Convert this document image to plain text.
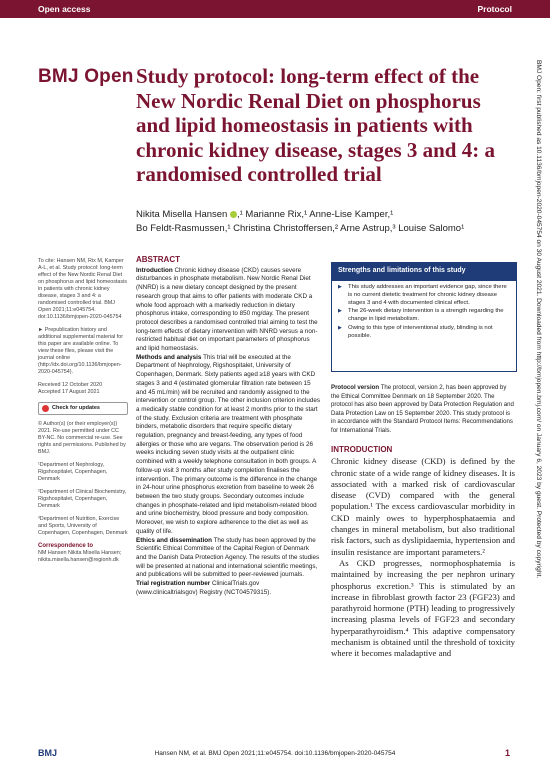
Open access	Protocol
BMJ Open Study protocol: long-term effect of the New Nordic Renal Diet on phosphorus and lipid homeostasis in patients with chronic kidney disease, stages 3 and 4: a randomised controlled trial
Nikita Misella Hansen ,¹ Marianne Rix,¹ Anne-Lise Kamper,¹
Bo Feldt-Rasmussen,¹ Christina Christoffersen,² Arne Astrup,³ Louise Salomo¹

To cite: Hansen NM, Rix M, Kamper A-L, et al. Study protocol: long-term effect of the New Nordic Renal Diet on phosphorus and lipid homeostasis in patients with chronic kidney disease, stages 3 and 4: a randomised controlled trial. BMJ Open 2021;11:e045754. doi:10.1136/bmjopen-2020-045754

► Prepublication history and additional supplemental material for this paper are available online. To view these files, please visit the journal online (http://dx.doi.org/10.1136/bmjopen-2020-045754).

Received 12 October 2020

Accepted 17 August 2021

Check for updates

© Author(s) (or their employer(s)) 2021. Re-use permitted under CC BY-NC. No commercial re-use. See rights and permissions. Published by BMJ.

¹Department of Nephrology, Rigshospitalet, Copenhagen, Denmark

²Department of Clinical Biochemistry, Rigshospitalet, Copenhagen, Denmark

³Department of Nutrition, Exercise and Sports, University of Copenhagen, Copenhagen, Denmark

Correspondence to

NM Hansen Nikita Misella Hansen; nikita.misella.hansen@regionh.dk

ABSTRACT
Introduction Chronic kidney disease (CKD) causes severe disturbances in phosphate metabolism. New Nordic Renal Diet (NNRD) is a new dietary concept designed by the present research group that aims to offer patients with moderate CKD a whole food approach with a markedly reduction in dietary phosphorus intake, corresponding to 850 mg/day. The present protocol describes a randomised controlled trial aiming to test the long-term effects of dietary intervention with NNRD versus a non-restricted habitual diet on important parameters of phosphorus and lipid homeostasis.
Methods and analysis This trial will be executed at the Department of Nephrology, Rigshospitalet, University of Copenhagen, Denmark. Sixty patients aged ≥18 years with CKD stages 3 and 4 (estimated glomerular filtration rate between 15 and 45 mL/min) will be recruited and randomly assigned to the intervention or control group. The other inclusion criterion includes a medically stable condition for at least 2 months prior to the start of the study. Exclusion criteria are treatment with phosphate binders, metabolic disorders that require specific dietary regulation, pregnancy and breast-feeding, any types of food allergies or those who are vegans. The observation period is 26 weeks including seven study visits at the outpatient clinic combined with a weekly telephone consultation in both groups. A follow-up visit 3 months after study completion finalises the intervention. The primary outcome is the difference in the change in 24-hour urine phosphorus excretion from baseline to week 26 between the two study groups. Secondary outcomes include changes in phosphate-related and lipid metabolism-related blood and urine biochemistry, blood pressure and body composition. Moreover, we wish to explore adherence to the diet as well as quality of life.
Ethics and dissemination The study has been approved by the Scientific Ethical Committee of the Capital Region of Denmark and the Danish Data Protection Agency. The results of the studies will be presented at national and international scientific meetings, and publications will be submitted to peer-reviewed journals.
Trial registration number ClinicalTrials.gov (www.clinicaltrialsgov) Registry (NCT04579315).
Strengths and limitations of this study
▶ This study addresses an important evidence gap, since there is no current dietetic treatment for chronic kidney disease stages 3 and 4 with documented clinical effect.
▶ The 26-week dietary intervention is a strength regarding the change in lipid metabolism.
▶ Owing to this type of interventional study, blinding is not possible.
Protocol version The protocol, version 2, has been approved by the Ethical Committee Denmark on 18 September 2020. The protocol has also been approved by Data Protection Regulation and Data Protection Law on 15 September 2020. This study protocol is in accordance with the Standard Protocol Items: Recommendations for International Trials.
INTRODUCTION

Chronic kidney disease (CKD) is defined by the chronic state of a wide range of kidney diseases. It is associated with a marked risk of cardiovascular disease (CVD) compared with the general population.¹ The excess cardiovascular morbidity in CKD mainly owes to hyperphosphataemia and changes in mineral metabolism, but also traditional risk factors, such as dyslipidaemia, hypertension and insulin resistance are important parameters.²

As CKD progresses, normophosphatemia is maintained by increasing the per nephron urinary phosphorus excretion.³ This is stimulated by an increase in fibroblast growth factor 23 (FGF23) and parathyroid hormone (PTH) leading to progressively increasing plasma levels of FGF23 and secondary hyperparathyroidism.⁴ This adaptive compensatory mechanism is obtained until the threshold of toxicity where it becomes maladaptive and

BMJ Open: first published as 10.1136/bmjopen-2020-045754 on 30 August 2021. Downloaded from http://bmjopen.bmj.com/ on January 6, 2023 by guest. Protected by copyright.
BMJ	Hansen NM, et al. BMJ Open 2021;11:e045754. doi:10.1136/bmjopen-2020-045754	1
